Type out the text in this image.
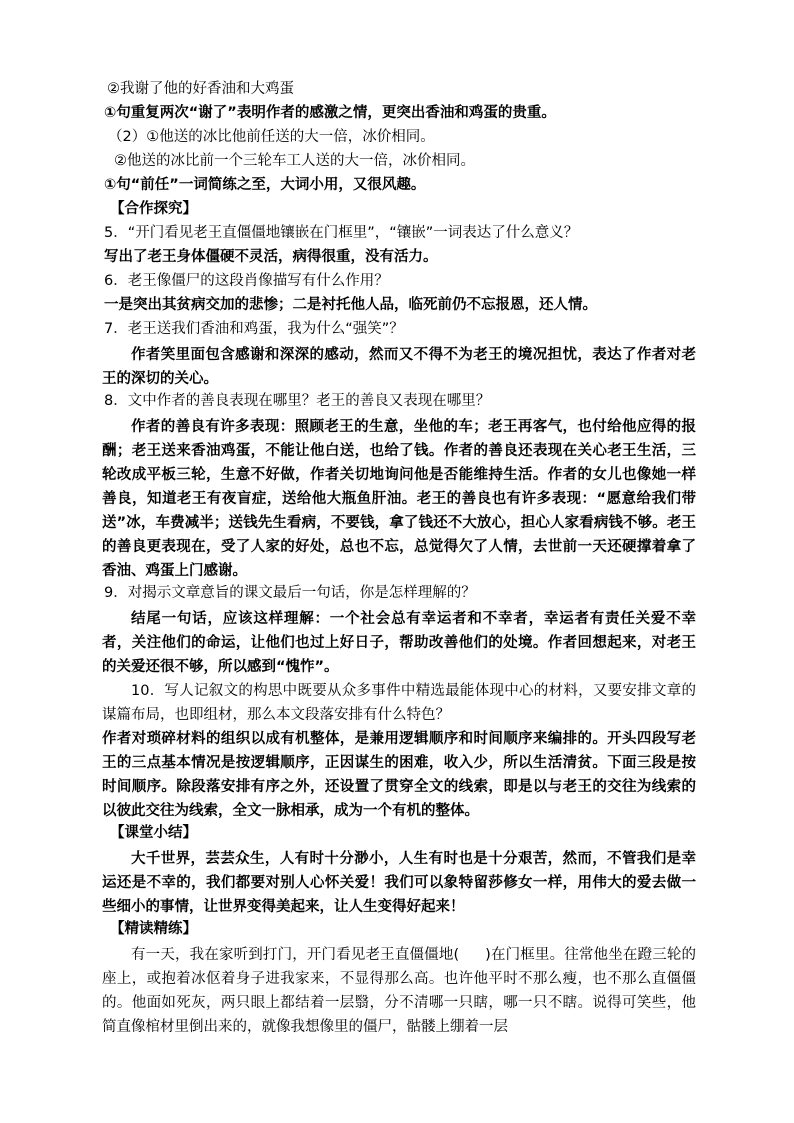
②我谢了他的好香油和大鸡蛋
①句重复两次“谢了”表明作者的感激之情，更突出香油和鸡蛋的贵重。
（2）①他送的冰比他前任送的大一倍，冰价相同。
②他送的冰比前一个三轮车工人送的大一倍，冰价相同。
①句“前任”一词简练之至，大词小用，又很风趣。
【合作探究】
5．“开门看见老王直僵僵地镶嵌在门框里”，“镶嵌”一词表达了什么意义？
写出了老王身体僵硬不灵活，病得很重，没有活力。
6．老王像僵尸的这段肖像描写有什么作用？
一是突出其贫病交加的悲惨；二是衬托他人品，临死前仍不忘报恩，还人情。
7．老王送我们香油和鸡蛋，我为什么“强笑”？
作者笑里面包含感谢和深深的感动，然而又不得不为老王的境况担忧，表达了作者对老王的深切的关心。
8．文中作者的善良表现在哪里？老王的善良又表现在哪里？
作者的善良有许多表现：照顾老王的生意，坐他的车；老王再客气，也付给他应得的报酬；老王送来香油鸡蛋，不能让他白送，也给了钱。作者的善良还表现在关心老王生活，三轮改成平板三轮，生意不好做，作者关切地询问他是否能维持生活。作者的女儿也像她一样善良，知道老王有夜盲症，送给他大瓶鱼肝油。老王的善良也有许多表现：“愿意给我们带送”冰，车费减半；送钱先生看病，不要钱，拿了钱还不大放心，担心人家看病钱不够。老王的善良更表现在，受了人家的好处，总也不忘，总觉得欠了人情，去世前一天还硬撑着拿了香油、鸡蛋上门感谢。
9．对揭示文章意旨的课文最后一句话，你是怎样理解的？
结尾一句话，应该这样理解：一个社会总有幸运者和不幸者，幸运者有责任关爱不幸者，关注他们的命运，让他们也过上好日子，帮助改善他们的处境。作者回想起来，对老王的关爱还很不够，所以感到“愧怍”。
10．写人记叙文的构思中既要从众多事件中精选最能体现中心的材料，又要安排文章的谋篇布局，也即组材，那么本文段落安排有什么特色？
作者对琐碎材料的组织以成有机整体，是兼用逻辑顺序和时间顺序来编排的。开头四段写老王的三点基本情况是按逻辑顺序，正因谋生的困难，收入少，所以生活清贫。下面三段是按时间顺序。除段落安排有序之外，还设置了贯穿全文的线索，即是以与老王的交往为线索的以彼此交往为线索，全文一脉相承，成为一个有机的整体。
【课堂小结】
大千世界，芸芸众生，人有时十分渺小，人生有时也是十分艰苦，然而，不管我们是幸运还是不幸的，我们都要对别人心怀关爱！我们可以象特留莎修女一样，用伟大的爱去做一些细小的事情，让世界变得美起来，让人生变得好起来！
【精读精练】
有一天，我在家听到打门，开门看见老王直僵僵地( )在门框里。往常他坐在蹬三轮的座上，或抱着冰伛着身子进我家来，不显得那么高。也许他平时不那么瘦，也不那么直僵僵的。他面如死灰，两只眼上都结着一层翳，分不清哪一只瞎，哪一只不瞎。说得可笑些，他简直像棺材里倒出来的，就像我想像里的僵尸，骷髅上绷着一层
